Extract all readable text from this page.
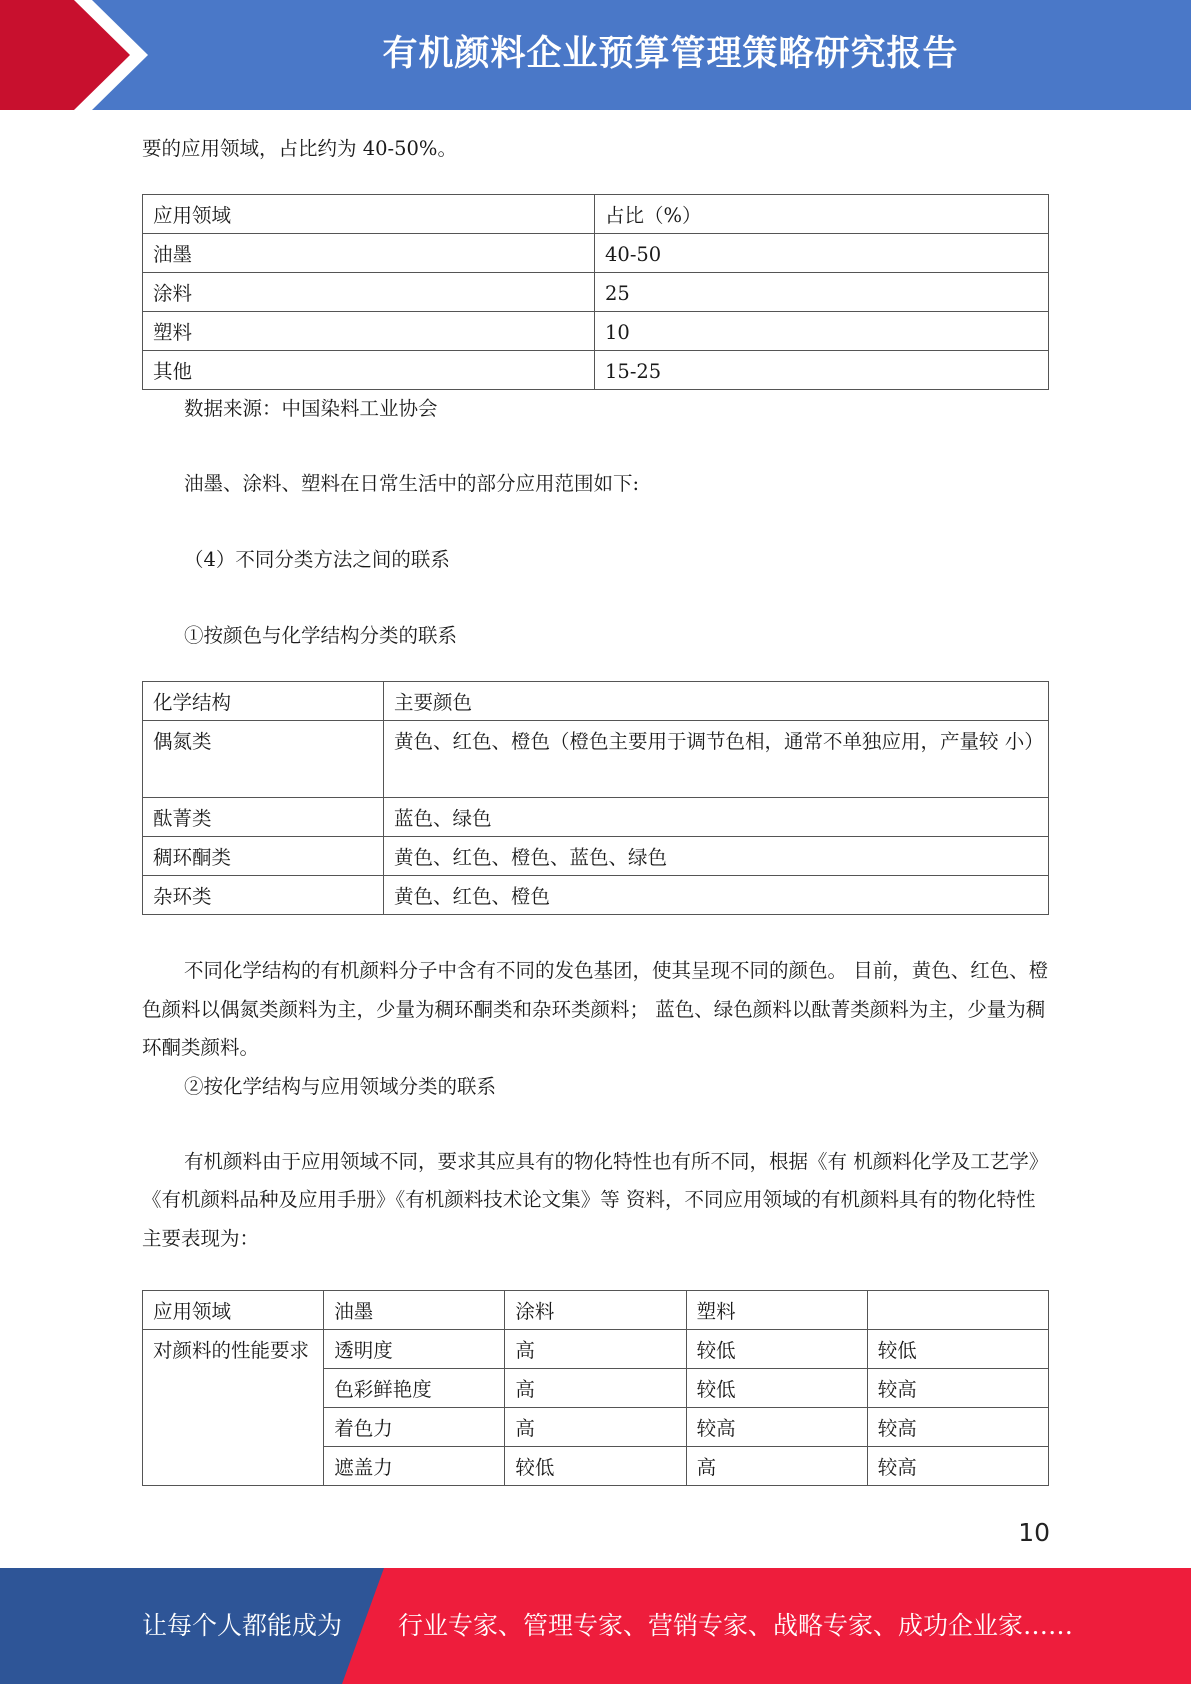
有机颜料企业预算管理策略研究报告

要的应用领域，占比约为 40-50%。

应用领域	占比（%）
油墨	40-50
涂料	25
塑料	10
其他	15-25

数据来源：中国染料工业协会

油墨、涂料、塑料在日常生活中的部分应用范围如下:

（4）不同分类方法之间的联系

①按颜色与化学结构分类的联系

化学结构	主要颜色
偶氮类	黄色、红色、橙色（橙色主要用于调节色相，通常不单独应用，产量较 小）
酞菁类	蓝色、绿色
稠环酮类	黄色、红色、橙色、蓝色、绿色
杂环类	黄色、红色、橙色

不同化学结构的有机颜料分子中含有不同的发色基团，使其呈现不同的颜色。 目前，黄色、红色、橙色颜料以偶氮类颜料为主，少量为稠环酮类和杂环类颜料； 蓝色、绿色颜料以酞菁类颜料为主，少量为稠环酮类颜料。

②按化学结构与应用领域分类的联系

有机颜料由于应用领域不同，要求其应具有的物化特性也有所不同，根据《有 机颜料化学及工艺学》《有机颜料品种及应用手册》《有机颜料技术论文集》等 资料，不同应用领域的有机颜料具有的物化特性主要表现为：

应用领域	油墨	涂料	塑料	
对颜料的性能要求	透明度	高	较低	较低
	色彩鲜艳度	高	较低	较高
	着色力	高	较高	较高
	遮盖力	较低	高	较高
10
让每个人都能成为 行业专家、管理专家、营销专家、战略专家、成功企业家……
